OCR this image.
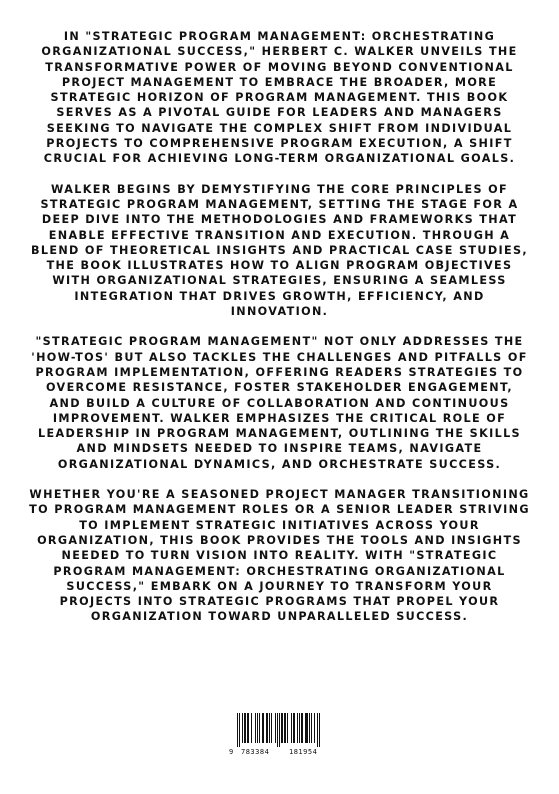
IN "STRATEGIC PROGRAM MANAGEMENT: ORCHESTRATING ORGANIZATIONAL SUCCESS," HERBERT C. WALKER UNVEILS THE TRANSFORMATIVE POWER OF MOVING BEYOND CONVENTIONAL PROJECT MANAGEMENT TO EMBRACE THE BROADER, MORE STRATEGIC HORIZON OF PROGRAM MANAGEMENT. THIS BOOK SERVES AS A PIVOTAL GUIDE FOR LEADERS AND MANAGERS SEEKING TO NAVIGATE THE COMPLEX SHIFT FROM INDIVIDUAL PROJECTS TO COMPREHENSIVE PROGRAM EXECUTION, A SHIFT CRUCIAL FOR ACHIEVING LONG-TERM ORGANIZATIONAL GOALS.

WALKER BEGINS BY DEMYSTIFYING THE CORE PRINCIPLES OF STRATEGIC PROGRAM MANAGEMENT, SETTING THE STAGE FOR A DEEP DIVE INTO THE METHODOLOGIES AND FRAMEWORKS THAT ENABLE EFFECTIVE TRANSITION AND EXECUTION. THROUGH A BLEND OF THEORETICAL INSIGHTS AND PRACTICAL CASE STUDIES, THE BOOK ILLUSTRATES HOW TO ALIGN PROGRAM OBJECTIVES WITH ORGANIZATIONAL STRATEGIES, ENSURING A SEAMLESS INTEGRATION THAT DRIVES GROWTH, EFFICIENCY, AND INNOVATION.

"STRATEGIC PROGRAM MANAGEMENT" NOT ONLY ADDRESSES THE 'HOW-TOS' BUT ALSO TACKLES THE CHALLENGES AND PITFALLS OF PROGRAM IMPLEMENTATION, OFFERING READERS STRATEGIES TO OVERCOME RESISTANCE, FOSTER STAKEHOLDER ENGAGEMENT, AND BUILD A CULTURE OF COLLABORATION AND CONTINUOUS IMPROVEMENT. WALKER EMPHASIZES THE CRITICAL ROLE OF LEADERSHIP IN PROGRAM MANAGEMENT, OUTLINING THE SKILLS AND MINDSETS NEEDED TO INSPIRE TEAMS, NAVIGATE ORGANIZATIONAL DYNAMICS, AND ORCHESTRATE SUCCESS.

WHETHER YOU'RE A SEASONED PROJECT MANAGER TRANSITIONING TO PROGRAM MANAGEMENT ROLES OR A SENIOR LEADER STRIVING TO IMPLEMENT STRATEGIC INITIATIVES ACROSS YOUR ORGANIZATION, THIS BOOK PROVIDES THE TOOLS AND INSIGHTS NEEDED TO TURN VISION INTO REALITY. WITH "STRATEGIC PROGRAM MANAGEMENT: ORCHESTRATING ORGANIZATIONAL SUCCESS," EMBARK ON A JOURNEY TO TRANSFORM YOUR PROJECTS INTO STRATEGIC PROGRAMS THAT PROPEL YOUR ORGANIZATION TOWARD UNPARALLELED SUCCESS.

9 783384	181954
